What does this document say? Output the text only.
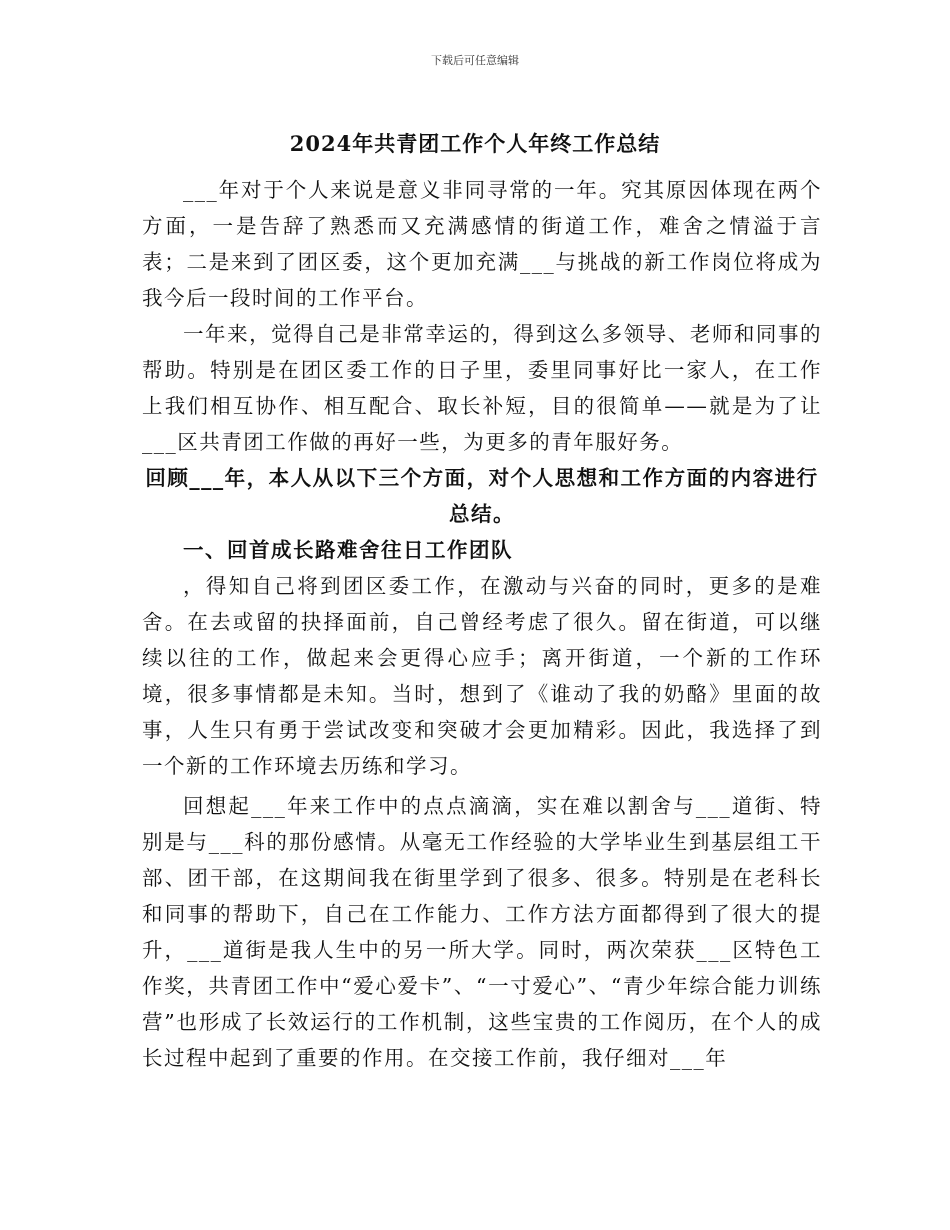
下载后可任意编辑
2024年共青团工作个人年终工作总结

___年对于个人来说是意义非同寻常的一年。究其原因体现在两个方面，一是告辞了熟悉而又充满感情的街道工作，难舍之情溢于言表；二是来到了团区委，这个更加充满___与挑战的新工作岗位将成为我今后一段时间的工作平台。

一年来，觉得自己是非常幸运的，得到这么多领导、老师和同事的帮助。特别是在团区委工作的日子里，委里同事好比一家人，在工作上我们相互协作、相互配合、取长补短，目的很简单——就是为了让___区共青团工作做的再好一些，为更多的青年服好务。

回顾___年，本人从以下三个方面，对个人思想和工作方面的内容进行总结。

一、回首成长路难舍往日工作团队

，得知自己将到团区委工作，在激动与兴奋的同时，更多的是难舍。在去或留的抉择面前，自己曾经考虑了很久。留在街道，可以继续以往的工作，做起来会更得心应手；离开街道，一个新的工作环境，很多事情都是未知。当时，想到了《谁动了我的奶酪》里面的故事，人生只有勇于尝试改变和突破才会更加精彩。因此，我选择了到一个新的工作环境去历练和学习。

回想起___年来工作中的点点滴滴，实在难以割舍与___道街、特别是与___科的那份感情。从毫无工作经验的大学毕业生到基层组工干部、团干部，在这期间我在街里学到了很多、很多。特别是在老科长和同事的帮助下，自己在工作能力、工作方法方面都得到了很大的提升，___道街是我人生中的另一所大学。同时，两次荣获___区特色工作奖，共青团工作中“爱心爱卡”、“一寸爱心”、“青少年综合能力训练营”也形成了长效运行的工作机制，这些宝贵的工作阅历，在个人的成长过程中起到了重要的作用。在交接工作前，我仔细对___年
